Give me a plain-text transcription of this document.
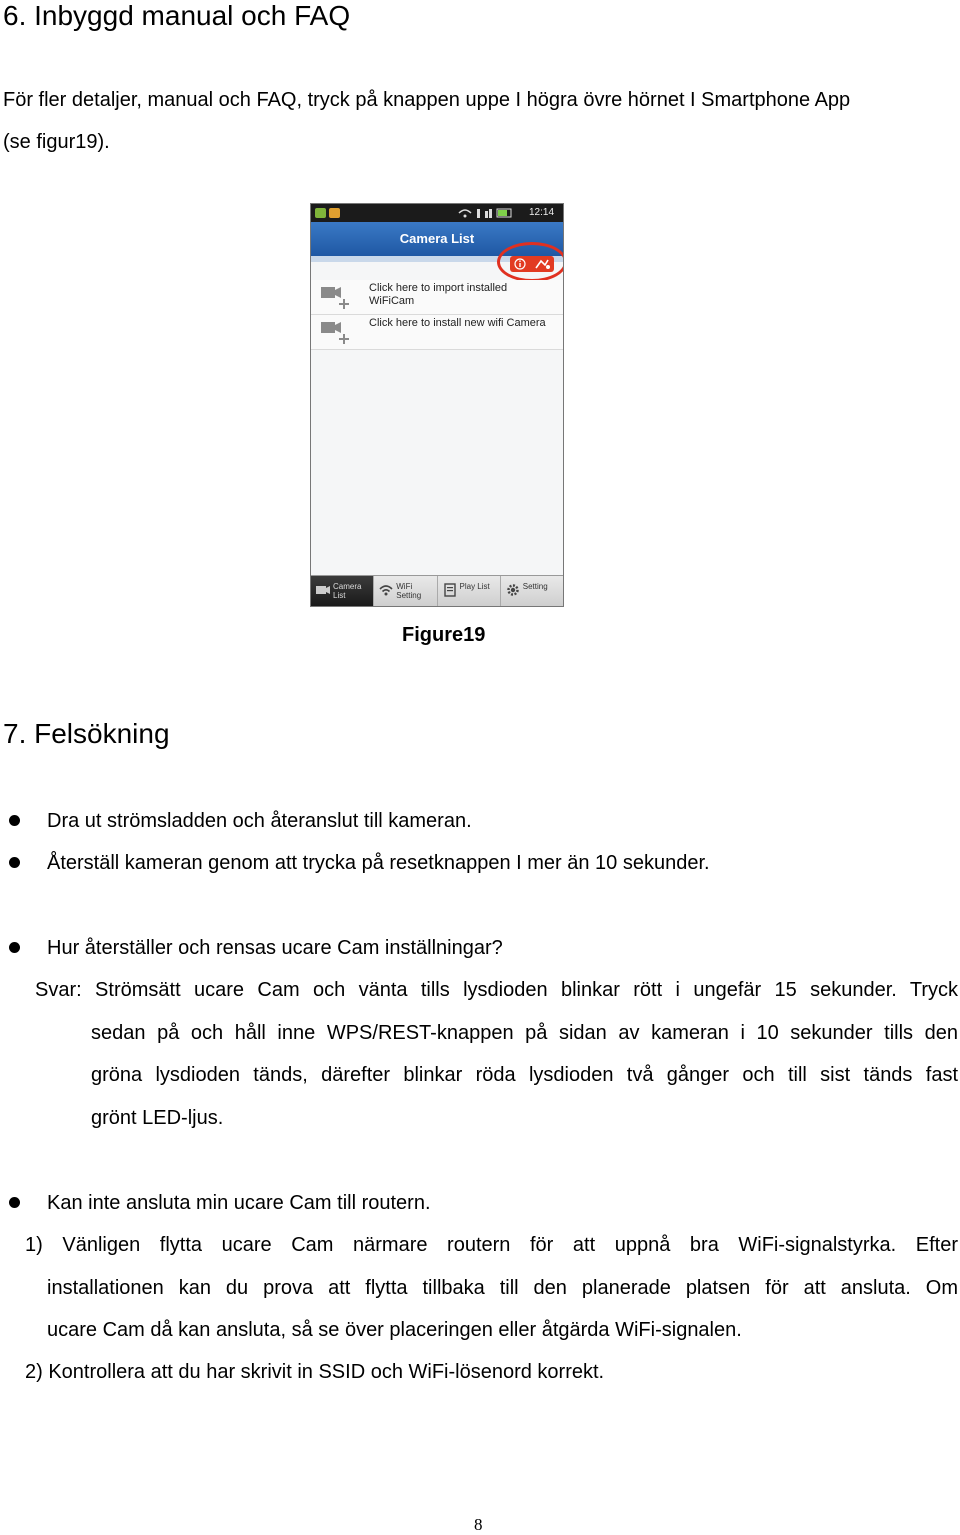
6. Inbyggd manual och FAQ
För fler detaljer, manual och FAQ, tryck på knappen uppe I högra övre hörnet I Smartphone App
(se figur19).
12:14
Camera List
Click here to import installed WiFiCam
Click here to install new wifi Camera
Camera List
WiFi Setting
Play List	Setting
Figure19
7. Felsökning
Dra ut strömsladden och återanslut till kameran.
Återställ kameran genom att trycka på resetknappen I mer än 10 sekunder.
Hur återställer och rensas ucare Cam inställningar?
Svar: Strömsätt ucare Cam och vänta tills lysdioden blinkar rött i ungefär 15 sekunder. Tryck
sedan på och håll inne WPS/REST-knappen på sidan av kameran i 10 sekunder tills den
gröna lysdioden tänds, därefter blinkar röda lysdioden två gånger och till sist tänds fast
grönt LED-ljus.
Kan inte ansluta min ucare Cam till routern.
1) Vänligen flytta ucare Cam närmare routern för att uppnå bra WiFi-signalstyrka. Efter
installationen kan du prova att flytta tillbaka till den planerade platsen för att ansluta. Om
ucare Cam då kan ansluta, så se över placeringen eller åtgärda WiFi-signalen.
2) Kontrollera att du har skrivit in SSID och WiFi-lösenord korrekt.
8
